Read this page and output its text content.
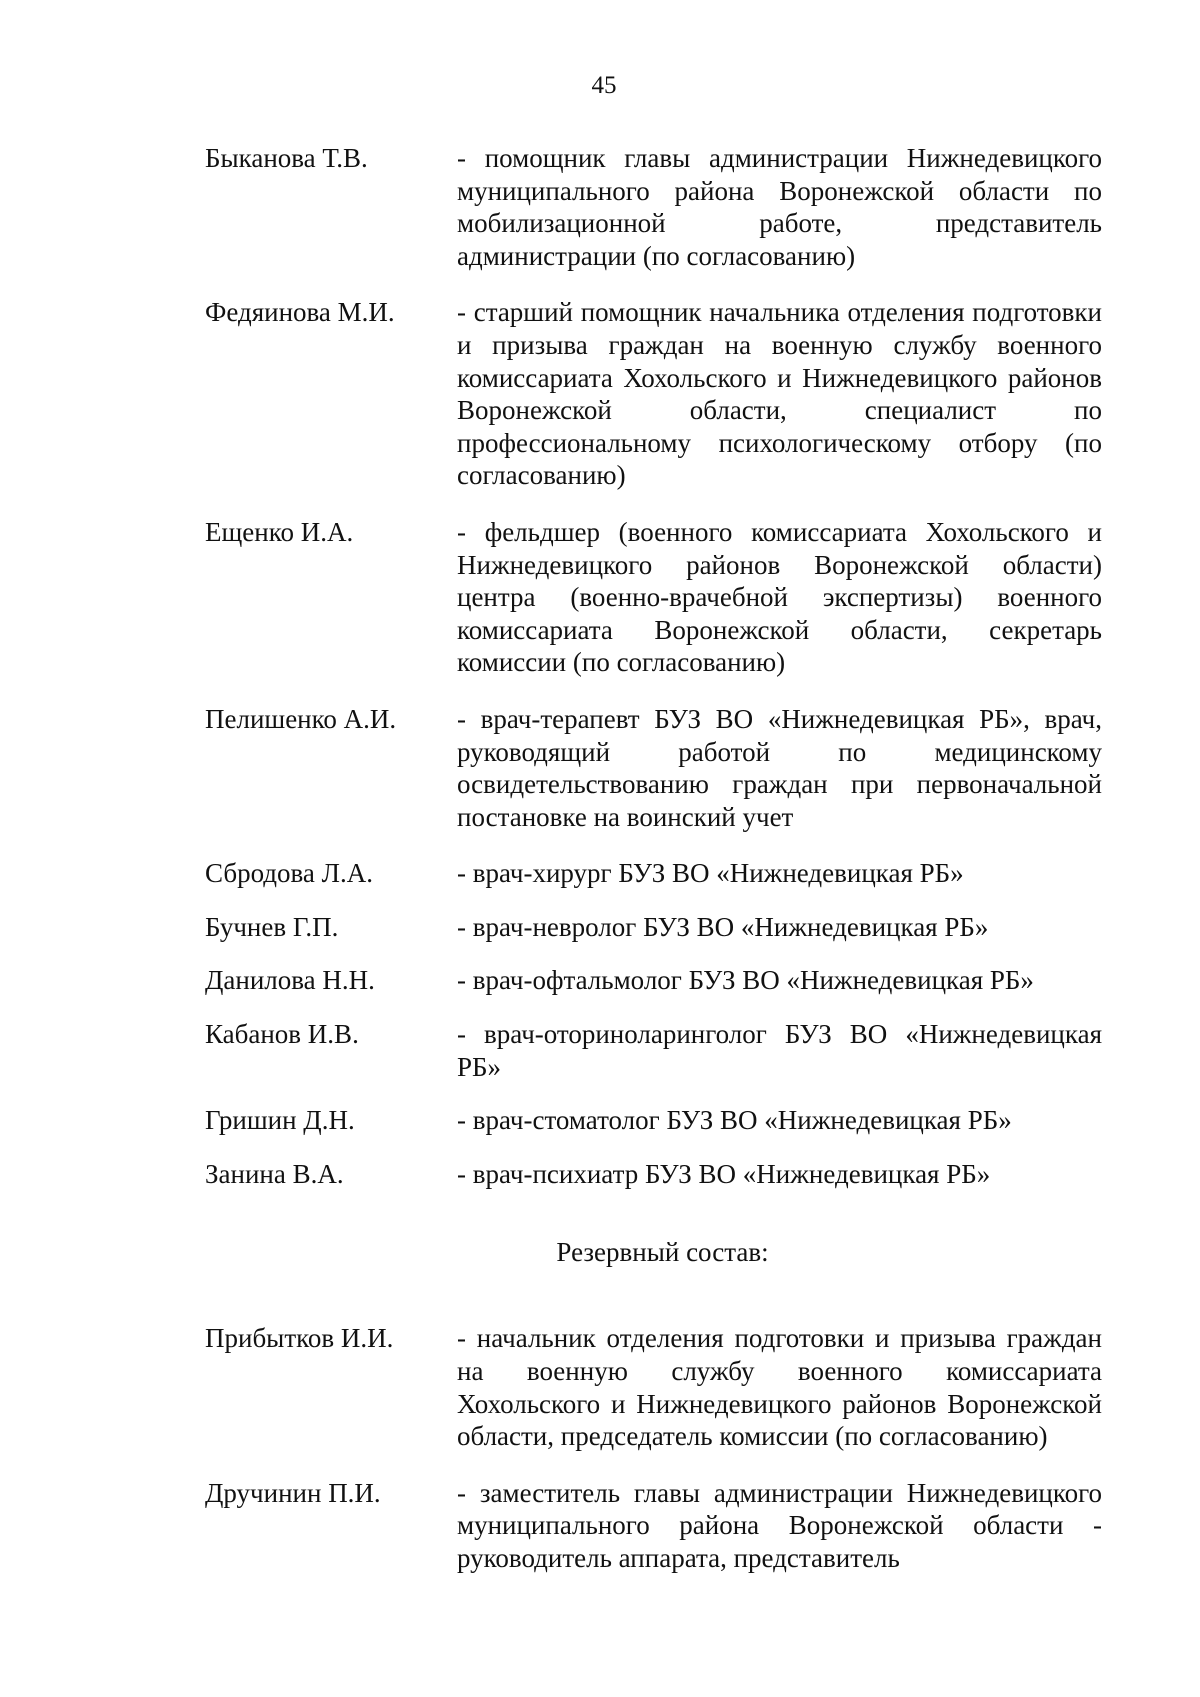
45
Быканова Т.В.	- помощник главы администрации Нижнедевицкого муниципального района Воронежской области по мобилизационной работе, представитель администрации (по согласованию)
Федяинова М.И.	- старший помощник начальника отделения подготовки и призыва граждан на военную службу военного комиссариата Хохольского и Нижнедевицкого районов Воронежской области, специалист по профессиональному психологическому отбору (по согласованию)
Ещенко И.А.	- фельдшер (военного комиссариата Хохольского и Нижнедевицкого районов Воронежской области) центра (военно-врачебной экспертизы) военного комиссариата Воронежской области, секретарь комиссии (по согласованию)
Пелишенко А.И.	- врач-терапевт БУЗ ВО «Нижнедевицкая РБ», врач, руководящий работой по медицинскому освидетельствованию граждан при первоначальной постановке на воинский учет
Сбродова Л.А.	- врач-хирург БУЗ ВО «Нижнедевицкая РБ»
Бучнев Г.П.	- врач-невролог БУЗ ВО «Нижнедевицкая РБ»
Данилова Н.Н.	- врач-офтальмолог БУЗ ВО «Нижнедевицкая РБ»
Кабанов И.В.	- врач-оториноларинголог БУЗ ВО «Нижнедевицкая РБ»
Гришин Д.Н.	- врач-стоматолог БУЗ ВО «Нижнедевицкая РБ»
Занина В.А.	- врач-психиатр БУЗ ВО «Нижнедевицкая РБ»
Резервный состав:
Прибытков И.И.	- начальник отделения подготовки и призыва граждан на военную службу военного комиссариата Хохольского и Нижнедевицкого районов Воронежской области, председатель комиссии (по согласованию)
Дручинин П.И.	- заместитель главы администрации Нижнедевицкого муниципального района Воронежской области - руководитель аппарата, представитель
